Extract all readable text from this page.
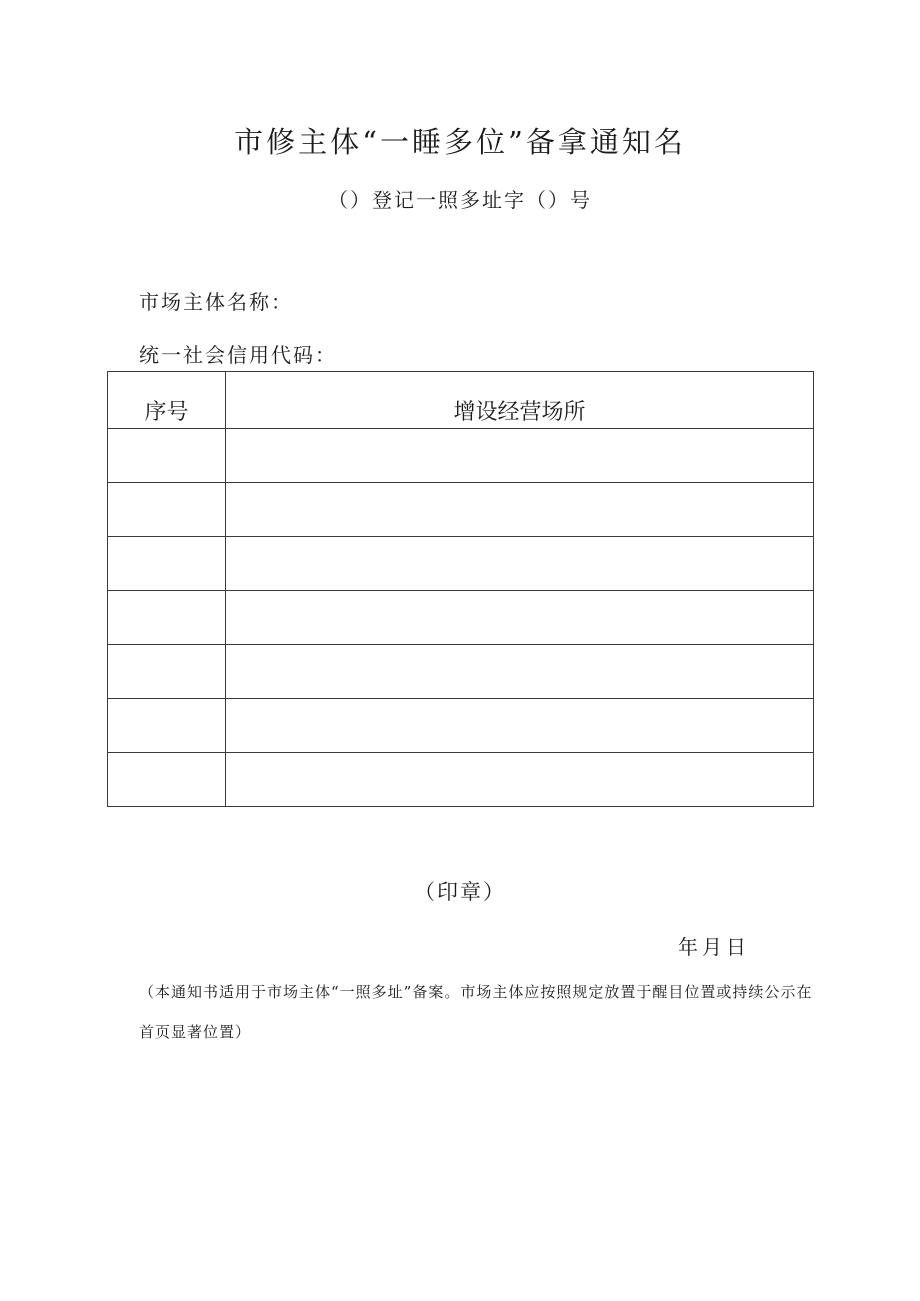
市修主体“一睡多位”备拿通知名
（）登记一照多址字（）号
市场主体名称：
统一社会信用代码：
序号	增设经营场所

（印章）
年月日
（本通知书适用于市场主体“一照多址”备案。市场主体应按照规定放置于醒目位置或持续公示在首页显著位置）
